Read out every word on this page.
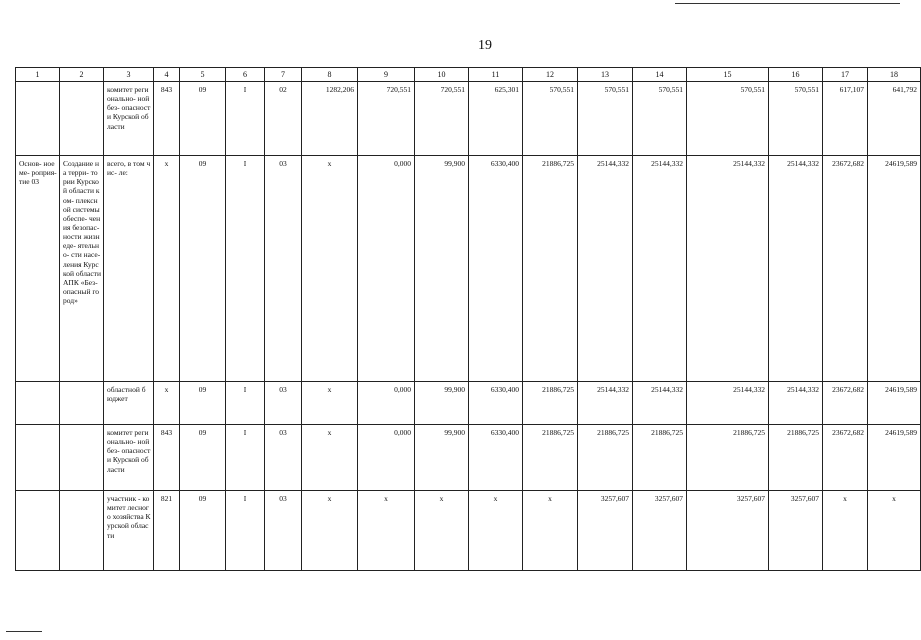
19
1	2	3	4	5	6	7	8	9	10	11	12	13	14	15	16	17	18
		комитет регионально- ной без- опасности Курской области	843	09	I	02	1282,206	720,551	720,551	625,301	570,551	570,551	570,551	570,551	570,551	617,107	641,792
Основ- ное ме- роприя- тие 03	Создание на терри- тории Курской области ком- плексной системы обеспе- чения безопас- ности жизнеде- ятельно- сти насе- ления Курской области АПК «Без- опасный город»	всего, в том чис- ле:	х	09	I	03	х	0,000	99,900	6330,400	21886,725	25144,332	25144,332	25144,332	25144,332	23672,682	24619,589
		областной бюджет	х	09	I	03	х	0,000	99,900	6330,400	21886,725	25144,332	25144,332	25144,332	25144,332	23672,682	24619,589
		комитет регионально- ной без- опасности Курской области	843	09	I	03	х	0,000	99,900	6330,400	21886,725	21886,725	21886,725	21886,725	21886,725	23672,682	24619,589
		участник - комитет лесного хозяйства Курской области	821	09	I	03	х	х	х	х	х	3257,607	3257,607	3257,607	3257,607	х	х
